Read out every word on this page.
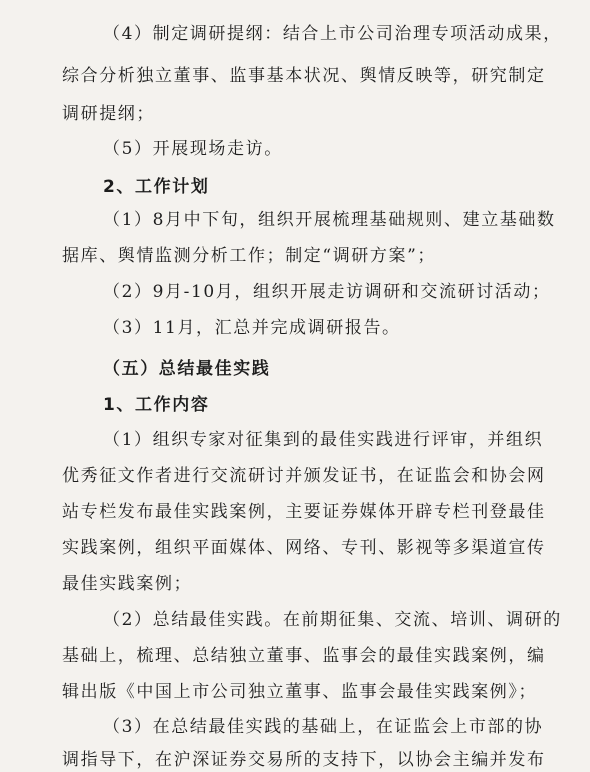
（4）制定调研提纲：结合上市公司治理专项活动成果，
综合分析独立董事、监事基本状况、舆情反映等，研究制定
调研提纲；
（5）开展现场走访。
2、工作计划
（1）8月中下旬，组织开展梳理基础规则、建立基础数
据库、舆情监测分析工作；制定“调研方案”；
（2）9月-10月，组织开展走访调研和交流研讨活动；
（3）11月，汇总并完成调研报告。
（五）总结最佳实践
1、工作内容
（1）组织专家对征集到的最佳实践进行评审，并组织
优秀征文作者进行交流研讨并颁发证书，在证监会和协会网
站专栏发布最佳实践案例，主要证券媒体开辟专栏刊登最佳
实践案例，组织平面媒体、网络、专刊、影视等多渠道宣传
最佳实践案例；
（2）总结最佳实践。在前期征集、交流、培训、调研的
基础上，梳理、总结独立董事、监事会的最佳实践案例，编
辑出版《中国上市公司独立董事、监事会最佳实践案例》；
（3）在总结最佳实践的基础上，在证监会上市部的协
调指导下，在沪深证券交易所的支持下，以协会主编并发布
